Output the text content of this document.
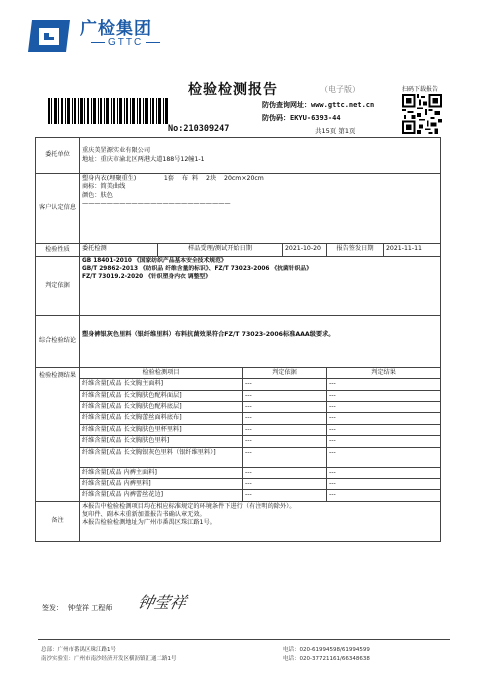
广检集团
GTTC
检验检测报告	（电子版）
防伪查询网址：www.gttc.net.cn
防伪码：EKYU-6393-44
扫码下载报告
No:210309247	共15页 第1页
委托单位	重庆美罡源实业有限公司
地址：重庆市渝北区两港大道188号12幢1-1					

客户认定信息	塑身内衣(埋聚重生)              1套    布  料    2块    20cm×20cm
商标：简美曲线
颜色：肤色
————————————————————————					

检验性质	委托检测	样品受理/测试开始日期		2021-10-20	报告签发日期	2021-11-11
判定依据	GB 18401-2010 《国家纺织产品基本安全技术规范》
GB/T 29862-2013 《纺织品 纤维含量的标识》、FZ/T 73023-2006 《抗菌针织品》
FZ/T 73019.2-2020 《针织塑身内衣 调整型》					

综合检验结论	塑身裤银灰色里料（银纤维里料）布料抗菌效果符合FZ/T 73023-2006标准AAA级要求。					
检验检测结果	检验检测项目		判定依据		判定结果	
	纤维含量[成品 长文胸主面料]		---		---	
	纤维含量[成品 长文胸肤色配料面层]		---		---	
	纤维含量[成品 长文胸肤色配料底层]		---		---	
	纤维含量[成品 长文胸蕾丝面料底布]		---		---	
	纤维含量[成品 长文胸肤色里杯里料]		---		---	
	纤维含量[成品 长文胸肤色里料]		---		---	
	纤维含量[成品 长文胸银灰色里料（银纤维里料）]		---		---	
	纤维含量[成品 内裤主面料]		---		---	
	纤维含量[成品 内裤里料]		---		---	
	纤维含量[成品 内裤蕾丝花边]		---		---	
备注	本报告中检验检测项目均在相应标准规定的环境条件下进行（有注明的除外）。
复印件、副本未重新加盖报告书确认章无效。
本报告检验检测地址为广州市番禺区珠江路1号。					
签发： 钟莹祥 工程师 钟莹祥
总部：广州市番禺区珠江路1号
南沙实验室：广州市南沙经济开发区横沥镇汇通二路1号
电话：020-61994598/61994599
电话：020-37721161/66348638
